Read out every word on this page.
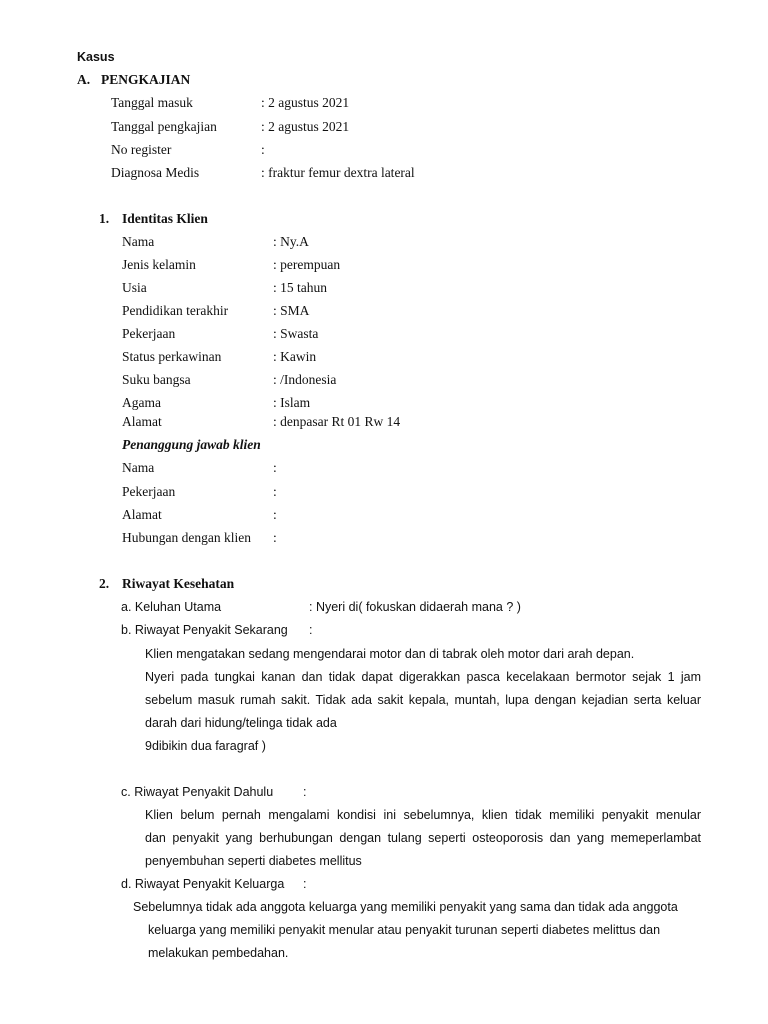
Kasus
A. PENGKAJIAN
Tanggal masuk	: 2 agustus 2021
Tanggal pengkajian	: 2 agustus 2021
No register	:
Diagnosa Medis	: fraktur femur dextra lateral
1. Identitas Klien
Nama	: Ny.A
Jenis kelamin	: perempuan
Usia	: 15 tahun
Pendidikan terakhir	: SMA
Pekerjaan	: Swasta
Status perkawinan	: Kawin
Suku bangsa	: /Indonesia
Agama	: Islam
Alamat	: denpasar Rt 01 Rw 14
Penanggung jawab klien
Nama	:
Pekerjaan	:
Alamat	:
Hubungan dengan klien :
2. Riwayat Kesehatan
a. Keluhan Utama	: Nyeri di( fokuskan didaerah mana ? )
b. Riwayat Penyakit Sekarang :
Klien mengatakan sedang mengendarai motor dan di tabrak oleh motor dari arah depan.
Nyeri pada tungkai kanan dan tidak dapat digerakkan pasca kecelakaan bermotor sejak 1 jam
sebelum masuk rumah sakit. Tidak ada sakit kepala, muntah, lupa dengan kejadian serta keluar
darah dari hidung/telinga tidak ada
9dibikin dua faragraf )
c. Riwayat Penyakit Dahulu :
Klien belum pernah mengalami kondisi ini sebelumnya, klien tidak memiliki penyakit menular
dan penyakit yang berhubungan dengan tulang seperti osteoporosis dan yang memeperlambat
penyembuhan seperti diabetes mellitus
d. Riwayat Penyakit Keluarga :
Sebelumnya tidak ada anggota keluarga yang memiliki penyakit yang sama dan tidak ada anggota
keluarga yang memiliki penyakit menular atau penyakit turunan seperti diabetes melittus dan
melakukan pembedahan.
